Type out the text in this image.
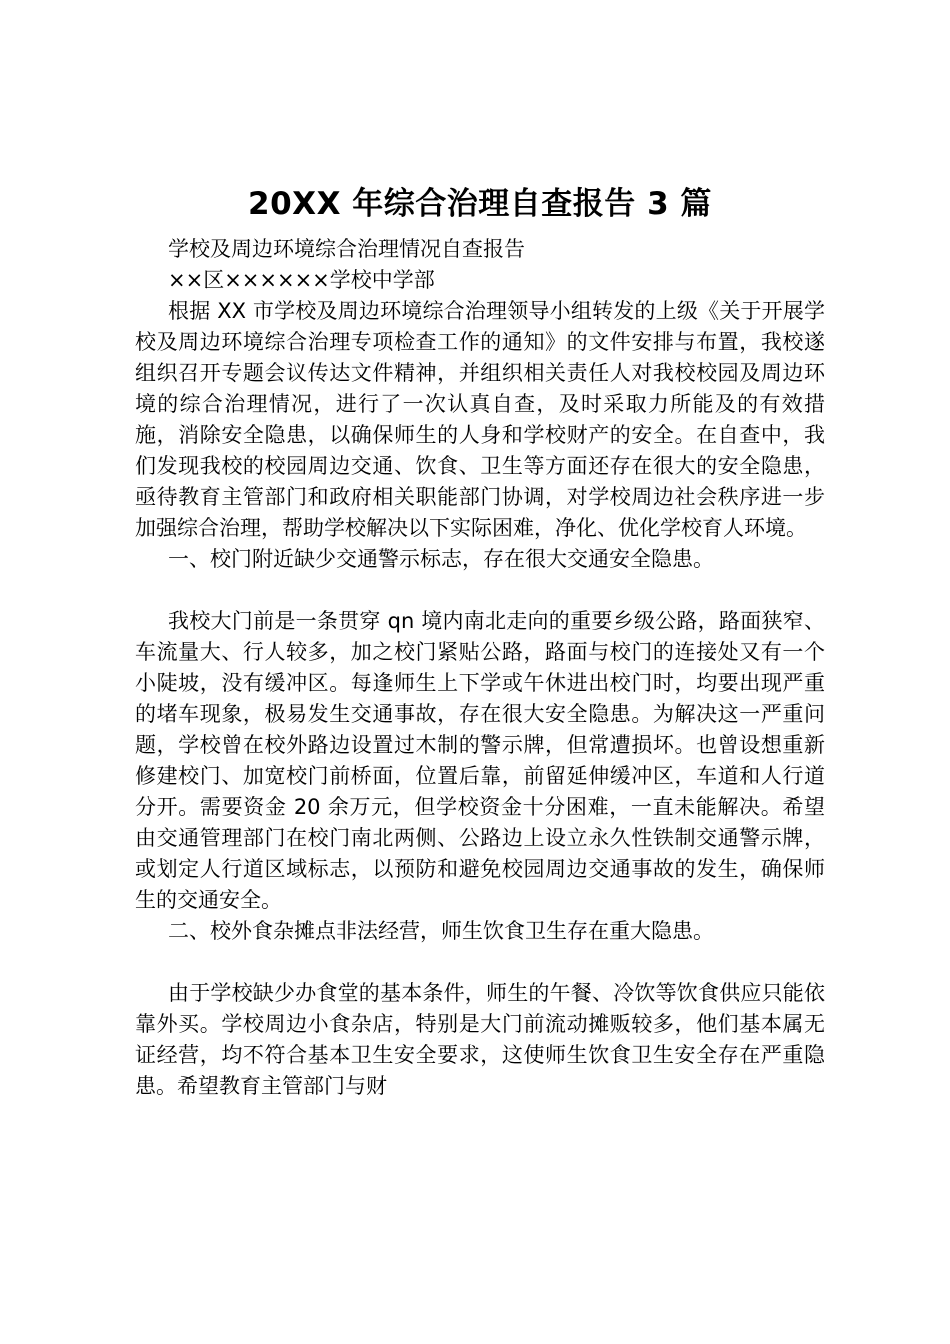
20XX 年综合治理自查报告 3 篇

学校及周边环境综合治理情况自查报告

××区××××××学校中学部

根据 XX 市学校及周边环境综合治理领导小组转发的上级《关于开展学校及周边环境综合治理专项检查工作的通知》的文件安排与布置，我校遂组织召开专题会议传达文件精神，并组织相关责任人对我校校园及周边环境的综合治理情况，进行了一次认真自查，及时采取力所能及的有效措施，消除安全隐患，以确保师生的人身和学校财产的安全。在自查中，我们发现我校的校园周边交通、饮食、卫生等方面还存在很大的安全隐患，亟待教育主管部门和政府相关职能部门协调，对学校周边社会秩序进一步加强综合治理，帮助学校解决以下实际困难，净化、优化学校育人环境。

一、校门附近缺少交通警示标志，存在很大交通安全隐患。

我校大门前是一条贯穿 qn 境内南北走向的重要乡级公路，路面狭窄、车流量大、行人较多，加之校门紧贴公路，路面与校门的连接处又有一个小陡坡，没有缓冲区。每逢师生上下学或午休进出校门时，均要出现严重的堵车现象，极易发生交通事故，存在很大安全隐患。为解决这一严重问题，学校曾在校外路边设置过木制的警示牌，但常遭损坏。也曾设想重新修建校门、加宽校门前桥面，位置后靠，前留延伸缓冲区，车道和人行道分开。需要资金 20 余万元，但学校资金十分困难，一直未能解决。希望由交通管理部门在校门南北两侧、公路边上设立永久性铁制交通警示牌，或划定人行道区域标志，以预防和避免校园周边交通事故的发生，确保师生的交通安全。

二、校外食杂摊点非法经营，师生饮食卫生存在重大隐患。

由于学校缺少办食堂的基本条件，师生的午餐、冷饮等饮食供应只能依靠外买。学校周边小食杂店，特别是大门前流动摊贩较多，他们基本属无证经营，均不符合基本卫生安全要求，这使师生饮食卫生安全存在严重隐患。希望教育主管部门与财
